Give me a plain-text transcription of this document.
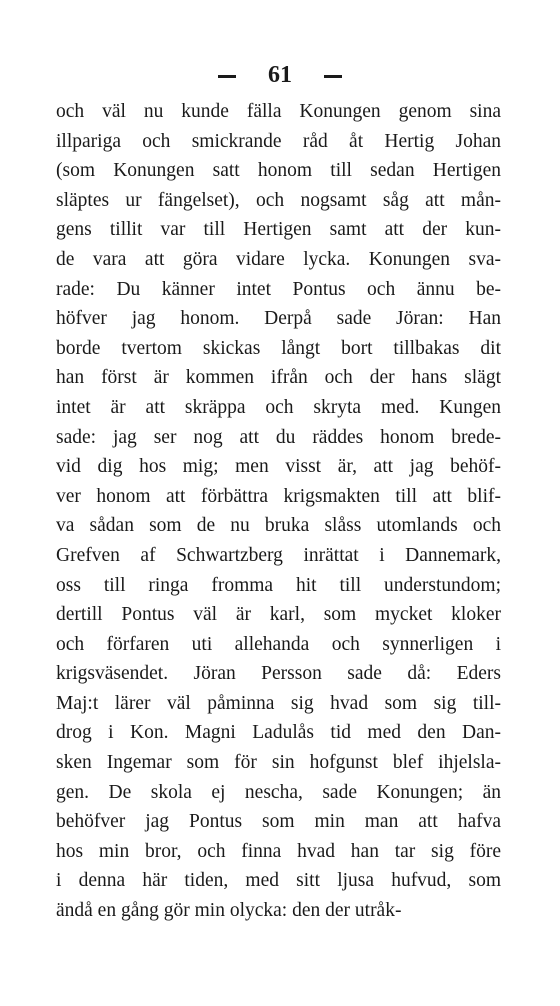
61
och väl nu kunde fälla Konungen genom sina
illpariga och smickrande råd åt Hertig Johan
(som Konungen satt honom till sedan Hertigen
släptes ur fängelset), och nogsamt såg att mån-
gens tillit var till Hertigen samt att der kun-
de vara att göra vidare lycka. Konungen sva-
rade: Du känner intet Pontus och ännu be-
höfver jag honom. Derpå sade Jöran: Han
borde tvertom skickas långt bort tillbakas dit
han först är kommen ifrån och der hans slägt
intet är att skräppa och skryta med. Kungen
sade: jag ser nog att du räddes honom brede-
vid dig hos mig; men visst är, att jag behöf-
ver honom att förbättra krigsmakten till att blif-
va sådan som de nu bruka slåss utomlands och
Grefven af Schwartzberg inrättat i Dannemark,
oss till ringa fromma hit till understundom;
dertill Pontus väl är karl, som mycket kloker
och förfaren uti allehanda och synnerligen i
krigsväsendet. Jöran Persson sade då: Eders
Maj:t lärer väl påminna sig hvad som sig till-
drog i Kon. Magni Ladulås tid med den Dan-
sken Ingemar som för sin hofgunst blef ihjelsla-
gen. De skola ej nescha, sade Konungen; än
behöfver jag Pontus som min man att hafva
hos min bror, och finna hvad han tar sig före
i denna här tiden, med sitt ljusa hufvud, som
ändå en gång gör min olycka: den der utråk-
